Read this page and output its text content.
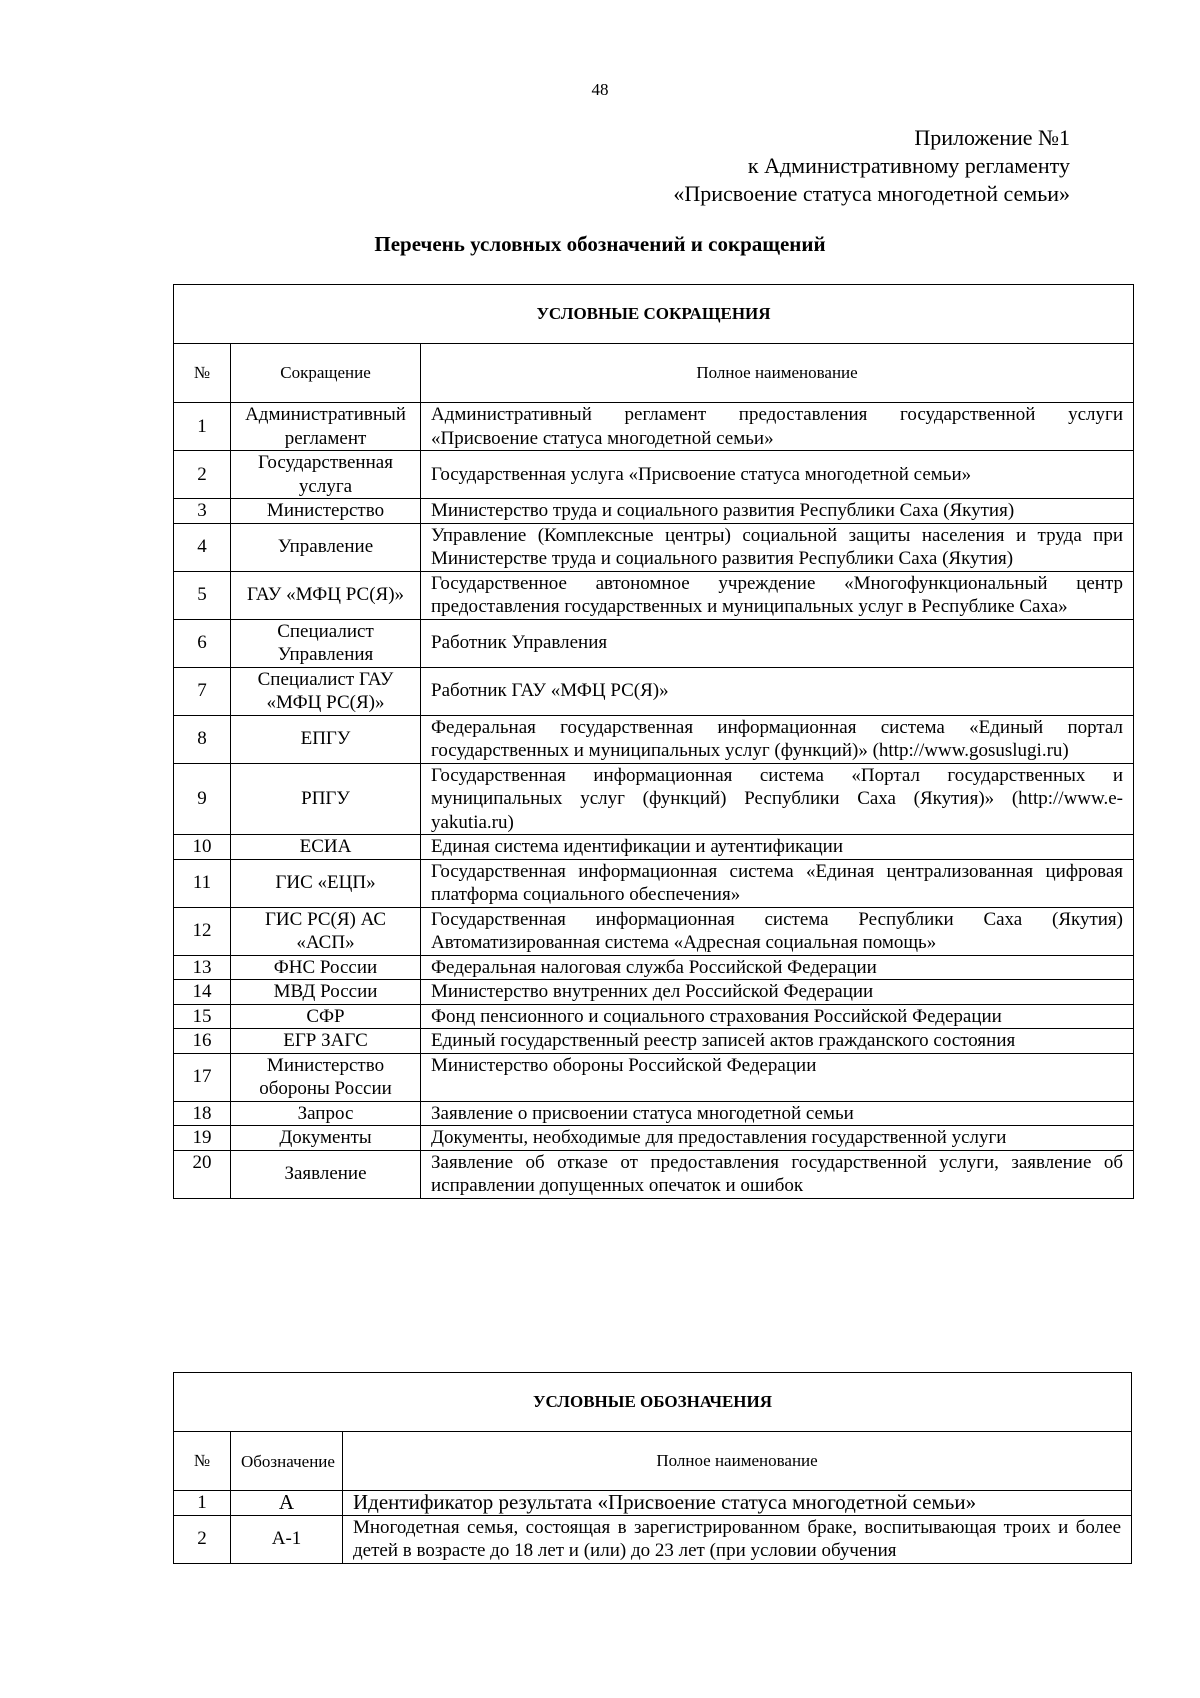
48
Приложение №1
к Административному регламенту
«Присвоение статуса многодетной семьи»
Перечень условных обозначений и сокращений
УСЛОВНЫЕ СОКРАЩЕНИЯ		
№	Сокращение	Полное наименование
1	Административный регламент	Административный регламент предоставления государственной услуги «Присвоение статуса многодетной семьи»
2	Государственная услуга	Государственная услуга «Присвоение статуса многодетной семьи»
3	Министерство	Министерство труда и социального развития Республики Саха (Якутия)
4	Управление	Управление (Комплексные центры) социальной защиты населения и труда при Министерстве труда и социального развития Республики Саха (Якутия)
5	ГАУ «МФЦ РС(Я)»	Государственное автономное учреждение «Многофункциональный центр предоставления государственных и муниципальных услуг в Республике Саха»
6	Специалист Управления	Работник Управления
7	Специалист ГАУ «МФЦ РС(Я)»	Работник ГАУ «МФЦ РС(Я)»
8	ЕПГУ	Федеральная государственная информационная система «Единый портал государственных и муниципальных услуг (функций)» (http://www.gosuslugi.ru)
9	РПГУ	Государственная информационная система «Портал государственных и муниципальных услуг (функций) Республики Саха (Якутия)» (http://www.e-yakutia.ru)
10	ЕСИА	Единая система идентификации и аутентификации
11	ГИС «ЕЦП»	Государственная информационная система «Единая централизованная цифровая платформа социального обеспечения»
12	ГИС РС(Я) АС «АСП»	Государственная информационная система Республики Саха (Якутия) Автоматизированная система «Адресная социальная помощь»
13	ФНС России	Федеральная налоговая служба Российской Федерации
14	МВД России	Министерство внутренних дел Российской Федерации
15	СФР	Фонд пенсионного и социального страхования Российской Федерации
16	ЕГР ЗАГС	Единый государственный реестр записей актов гражданского состояния
17	Министерство обороны России	Министерство обороны Российской Федерации
18	Запрос	Заявление о присвоении статуса многодетной семьи
19	Документы	Документы, необходимые для предоставления государственной услуги
20	Заявление	Заявление об отказе от предоставления государственной услуги, заявление об исправлении допущенных опечаток и ошибок
УСЛОВНЫЕ ОБОЗНАЧЕНИЯ		
№	Обозначение	Полное наименование
1	А	Идентификатор результата «Присвоение статуса многодетной семьи»
2	А-1	Многодетная семья, состоящая в зарегистрированном браке, воспитывающая троих и более детей в возрасте до 18 лет и (или) до 23 лет (при условии обучения
